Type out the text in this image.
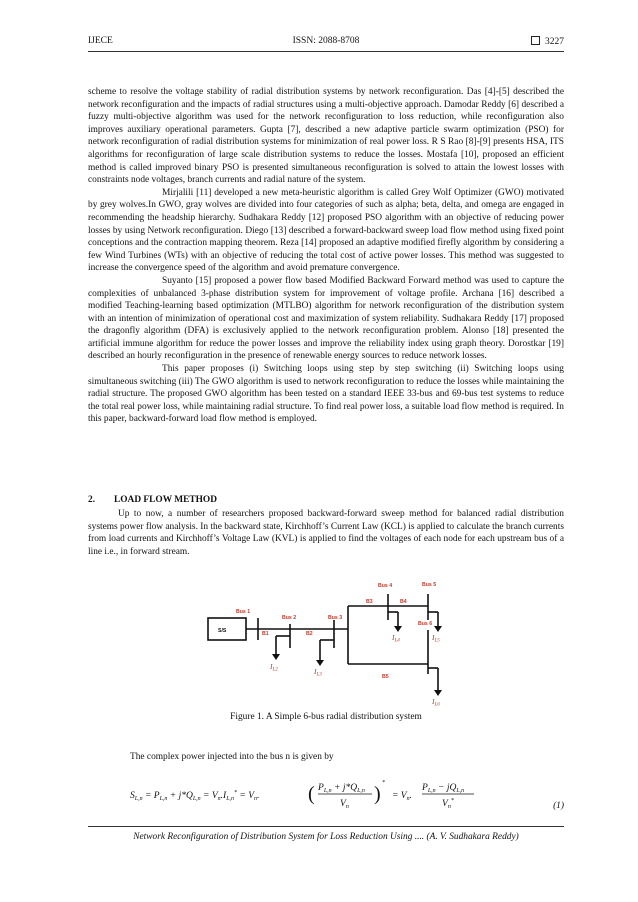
IJECE	ISSN: 2088-8708	3227

scheme to resolve the voltage stability of radial distribution systems by network reconfiguration. Das [4]-[5] described the network reconfiguration and the impacts of radial structures using a multi-objective approach. Damodar Reddy [6] described a fuzzy multi-objective algorithm was used for the network reconfiguration to loss reduction, while reconfiguration also improves auxiliary operational parameters. Gupta [7], described a new adaptive particle swarm optimization (PSO) for network reconfiguration of radial distribution systems for minimization of real power loss. R S Rao [8]-[9] presents HSA, ITS algorithms for reconfiguration of large scale distribution systems to reduce the losses. Mostafa [10], proposed an efficient method is called improved binary PSO is presented simultaneous reconfiguration is solved to attain the lowest losses with constraints node voltages, branch currents and radial nature of the system.

Mirjalili [11] developed a new meta-heuristic algorithm is called Grey Wolf Optimizer (GWO) motivated by grey wolves.In GWO, gray wolves are divided into four categories of such as alpha; beta, delta, and omega are engaged in recommending the headship hierarchy. Sudhakara Reddy [12] proposed PSO algorithm with an objective of reducing power losses by using Network reconfiguration. Diego [13] described a forward-backward sweep load flow method using fixed point conceptions and the contraction mapping theorem. Reza [14] proposed an adaptive modified firefly algorithm by considering a few Wind Turbines (WTs) with an objective of reducing the total cost of active power losses. This method was suggested to increase the convergence speed of the algorithm and avoid premature convergence.

Suyanto [15] proposed a power flow based Modified Backward Forward method was used to capture the complexities of unbalanced 3-phase distribution system for improvement of voltage profile. Archana [16] described a modified Teaching-learning based optimization (MTLBO) algorithm for network reconfiguration of the distribution system with an intention of minimization of operational cost and maximization of system reliability. Sudhakara Reddy [17] proposed the dragonfly algorithm (DFA) is exclusively applied to the network reconfiguration problem. Alonso [18] presented the artificial immune algorithm for reduce the power losses and improve the reliability index using graph theory. Dorostkar [19] described an hourly reconfiguration in the presence of renewable energy sources to reduce network losses.

This paper proposes (i) Switching loops using step by step switching (ii) Switching loops using simultaneous switching (iii) The GWO algorithm is used to network reconfiguration to reduce the losses while maintaining the radial structure. The proposed GWO algorithm has been tested on a standard IEEE 33-bus and 69-bus test systems to reduce the total real power loss, while maintaining radial structure. To find real power loss, a suitable load flow method is required. In this paper, backward-forward load flow method is employed.

2. LOAD FLOW METHOD

Up to now, a number of researchers proposed backward-forward sweep method for balanced radial distribution systems power flow analysis. In the backward state, Kirchhoff’s Current Law (KCL) is applied to calculate the branch currents from load currents and Kirchhoff’s Voltage Law (KVL) is applied to find the voltages of each node for each upstream bus of a line i.e., in forward stream.

S/S
Bus 1
Bus 2	Bus 3
Bus 4	Bus 5
Bus 6
B1	B2
B3	B4
B5
$I_{L2}$	$I_{L3}$
$I_{L4}$	$I_{L5}$
$I_{L6}$
Figure 1. A Simple 6-bus radial distribution system
The complex power injected into the bus n is given by
$S_{L,n} = P_{L,n} + j*Q_{L,n} = V_n.I_{L,n}^* = V_n$. ( $P_{L,n} + j*Q_{L,n}$
$V_n$
) *
= $V_n$.
$P_{L,n} - jQ_{L,n}$
$V_n^*$	(1)
Network Reconfiguration of Distribution System for Loss Reduction Using .... (A. V. Sudhakara Reddy)
